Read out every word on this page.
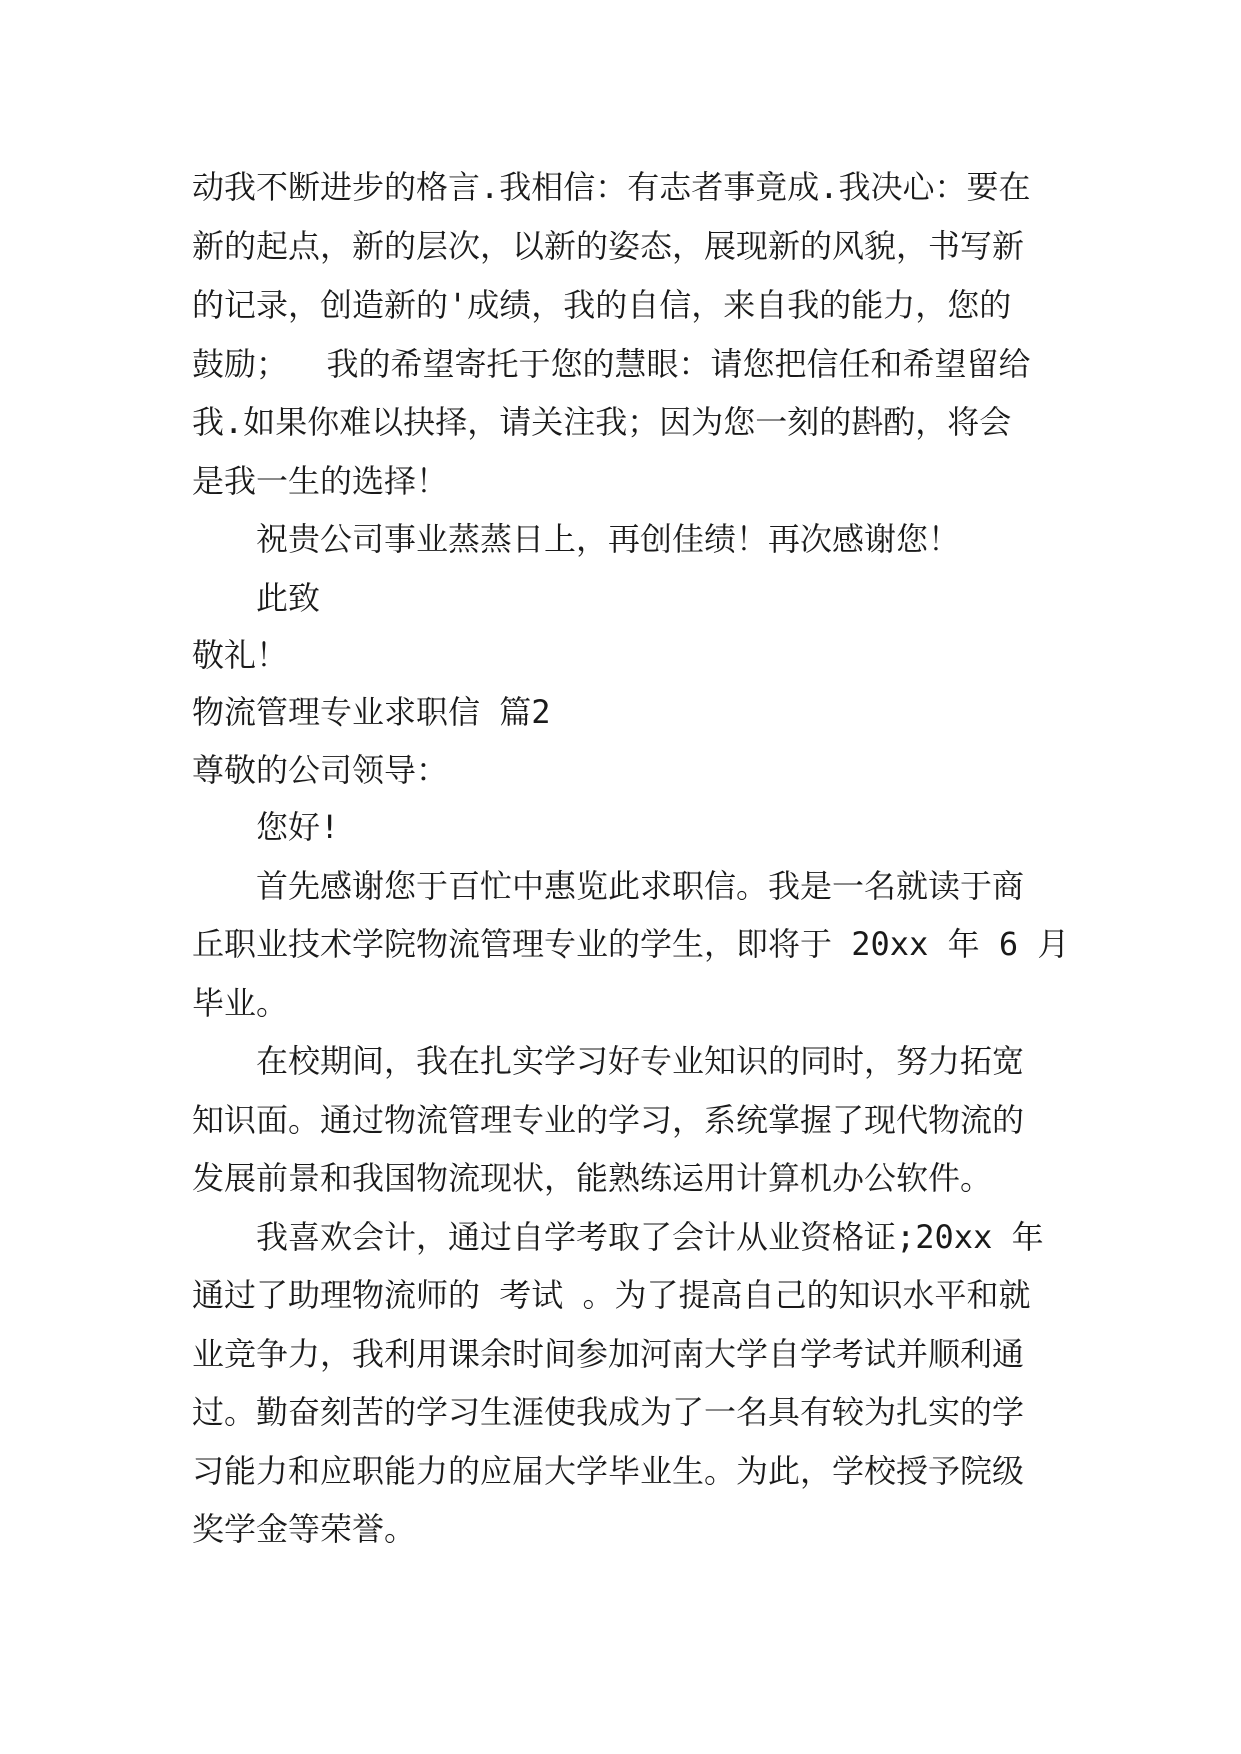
动我不断进步的格言.我相信：有志者事竟成.我决心：要在

新的起点，新的层次，以新的姿态，展现新的风貌，书写新

的记录，创造新的'成绩，我的自信，来自我的能力，您的

鼓励；  我的希望寄托于您的慧眼：请您把信任和希望留给

我.如果你难以抉择，请关注我；因为您一刻的斟酌，将会

是我一生的选择！

祝贵公司事业蒸蒸日上，再创佳绩！再次感谢您！

此致

敬礼！

物流管理专业求职信 篇2

尊敬的公司领导：

您好!

首先感谢您于百忙中惠览此求职信。我是一名就读于商

丘职业技术学院物流管理专业的学生，即将于 20xx 年 6 月

毕业。

在校期间，我在扎实学习好专业知识的同时，努力拓宽

知识面。通过物流管理专业的学习，系统掌握了现代物流的

发展前景和我国物流现状，能熟练运用计算机办公软件。

我喜欢会计，通过自学考取了会计从业资格证;20xx 年

通过了助理物流师的 考试 。为了提高自己的知识水平和就

业竞争力，我利用课余时间参加河南大学自学考试并顺利通

过。勤奋刻苦的学习生涯使我成为了一名具有较为扎实的学

习能力和应职能力的应届大学毕业生。为此，学校授予院级

奖学金等荣誉。
